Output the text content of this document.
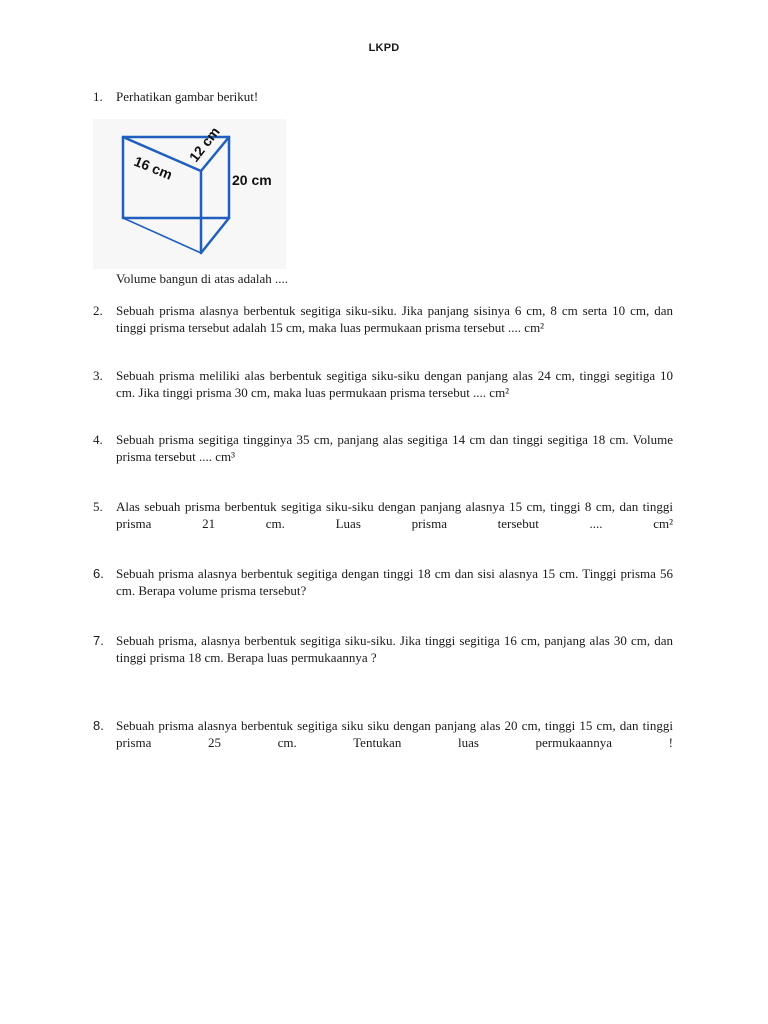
LKPD
1.	Perhatikan gambar berikut!
16 cm
12 cm
20 cm
Volume bangun di atas adalah ....
2.	Sebuah prisma alasnya berbentuk segitiga siku-siku. Jika panjang sisinya 6 cm, 8 cm serta 10 cm, dan tinggi prisma tersebut adalah 15 cm, maka luas permukaan prisma tersebut .... cm²
3.	Sebuah prisma meliliki alas berbentuk segitiga siku-siku dengan panjang alas 24 cm, tinggi segitiga 10 cm. Jika tinggi prisma 30 cm, maka luas permukaan prisma tersebut .... cm²
4.	Sebuah prisma segitiga tingginya 35 cm, panjang alas segitiga 14 cm dan tinggi segitiga 18 cm. Volume prisma tersebut .... cm³
5.	Alas sebuah prisma berbentuk segitiga siku-siku dengan panjang alasnya 15 cm, tinggi 8 cm, dan tinggi prisma 21 cm. Luas prisma tersebut .... cm²
6. Sebuah prisma alasnya berbentuk segitiga dengan tinggi 18 cm dan sisi alasnya 15 cm. Tinggi prisma 56 cm. Berapa volume prisma tersebut?
7. Sebuah prisma, alasnya berbentuk segitiga siku-siku. Jika tinggi segitiga 16 cm, panjang alas 30 cm, dan tinggi prisma 18 cm. Berapa luas permukaannya ?
8. Sebuah prisma alasnya berbentuk segitiga siku siku dengan panjang alas 20 cm, tinggi 15 cm, dan tinggi prisma 25 cm. Tentukan luas permukaannya !
